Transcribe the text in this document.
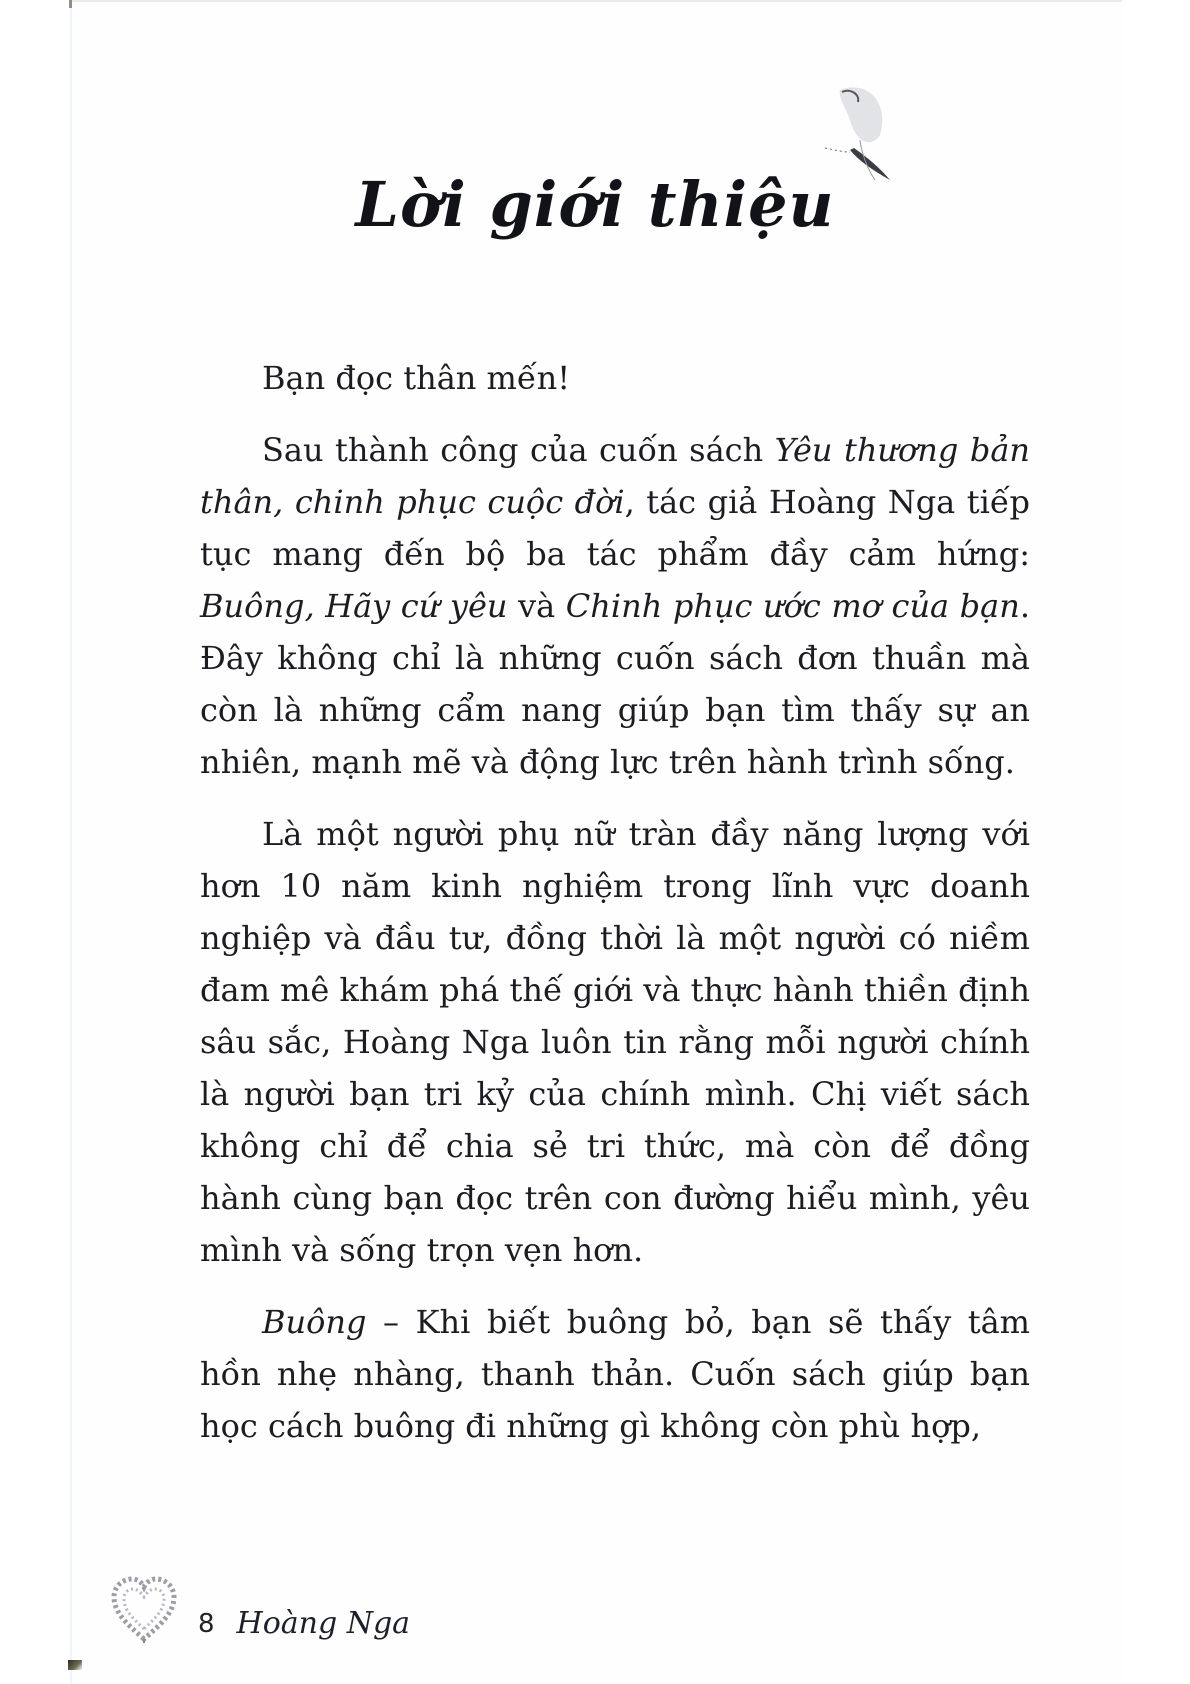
Lời giới thiệu

Bạn đọc thân mến!

Sau thành công của cuốn sách Yêu thương bản thân, chinh phục cuộc đời, tác giả Hoàng Nga tiếp tục mang đến bộ ba tác phẩm đầy cảm hứng: Buông, Hãy cứ yêu và Chinh phục ước mơ của bạn. Đây không chỉ là những cuốn sách đơn thuần mà còn là những cẩm nang giúp bạn tìm thấy sự an nhiên, mạnh mẽ và động lực trên hành trình sống.

Là một người phụ nữ tràn đầy năng lượng với hơn 10 năm kinh nghiệm trong lĩnh vực doanh nghiệp và đầu tư, đồng thời là một người có niềm đam mê khám phá thế giới và thực hành thiền định sâu sắc, Hoàng Nga luôn tin rằng mỗi người chính là người bạn tri kỷ của chính mình. Chị viết sách không chỉ để chia sẻ tri thức, mà còn để đồng hành cùng bạn đọc trên con đường hiểu mình, yêu mình và sống trọn vẹn hơn.

Buông – Khi biết buông bỏ, bạn sẽ thấy tâm hồn nhẹ nhàng, thanh thản. Cuốn sách giúp bạn học cách buông đi những gì không còn phù hợp,

8 Hoàng Nga
